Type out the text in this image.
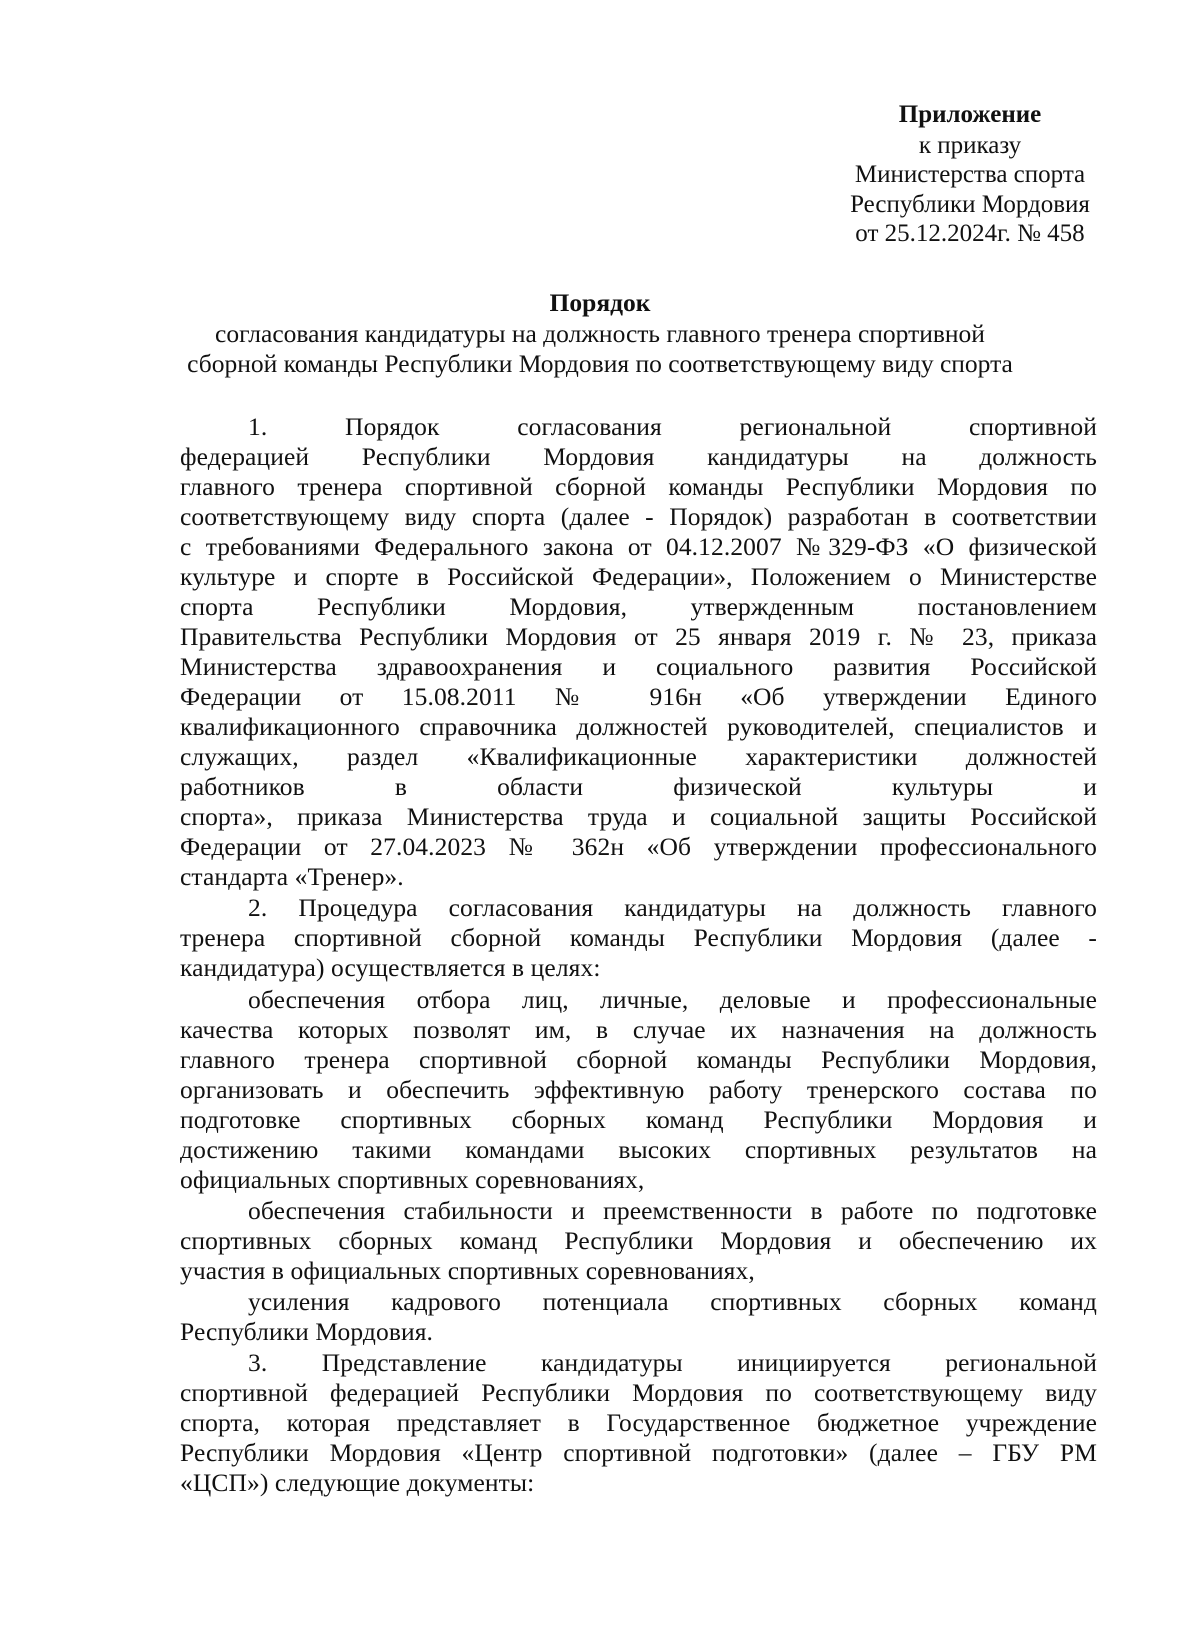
Приложение
к приказу
Министерства спорта
Республики Мордовия
от 25.12.2024г. № 458
Порядок
согласования кандидатуры на должность главного тренера спортивной
сборной команды Республики Мордовия по соответствующему виду спорта
1. Порядок согласования региональной спортивной
федерацией Республики Мордовия кандидатуры на должность
главного тренера спортивной сборной команды Республики Мордовия по
соответствующему виду спорта (далее - Порядок) разработан в соответствии
с требованиями Федерального закона от 04.12.2007 №329-ФЗ «О физической
культуре и спорте в Российской Федерации», Положением о Министерстве
спорта Республики Мордовия, утвержденным постановлением
Правительства Республики Мордовия от 25 января 2019 г. № 23, приказа
Министерства здравоохранения и социального развития Российской
Федерации от 15.08.2011 № 916н «Об утверждении Единого
квалификационного справочника должностей руководителей, специалистов и
служащих, раздел «Квалификационные характеристики должностей
работников в области физической культуры и
спорта», приказа Министерства труда и социальной защиты Российской
Федерации от 27.04.2023 № 362н «Об утверждении профессионального
стандарта «Тренер».
2. Процедура согласования кандидатуры на должность главного
тренера спортивной сборной команды Республики Мордовия (далее -
кандидатура) осуществляется в целях:
обеспечения отбора лиц, личные, деловые и профессиональные
качества которых позволят им, в случае их назначения на должность
главного тренера спортивной сборной команды Республики Мордовия,
организовать и обеспечить эффективную работу тренерского состава по
подготовке спортивных сборных команд Республики Мордовия и
достижению такими командами высоких спортивных результатов на
официальных спортивных соревнованиях,
обеспечения стабильности и преемственности в работе по подготовке
спортивных сборных команд Республики Мордовия и обеспечению их
участия в официальных спортивных соревнованиях,
усиления кадрового потенциала спортивных сборных команд
Республики Мордовия.
3. Представление кандидатуры инициируется региональной
спортивной федерацией Республики Мордовия по соответствующему виду
спорта, которая представляет в Государственное бюджетное учреждение
Республики Мордовия «Центр спортивной подготовки» (далее – ГБУ РМ
«ЦСП») следующие документы:
